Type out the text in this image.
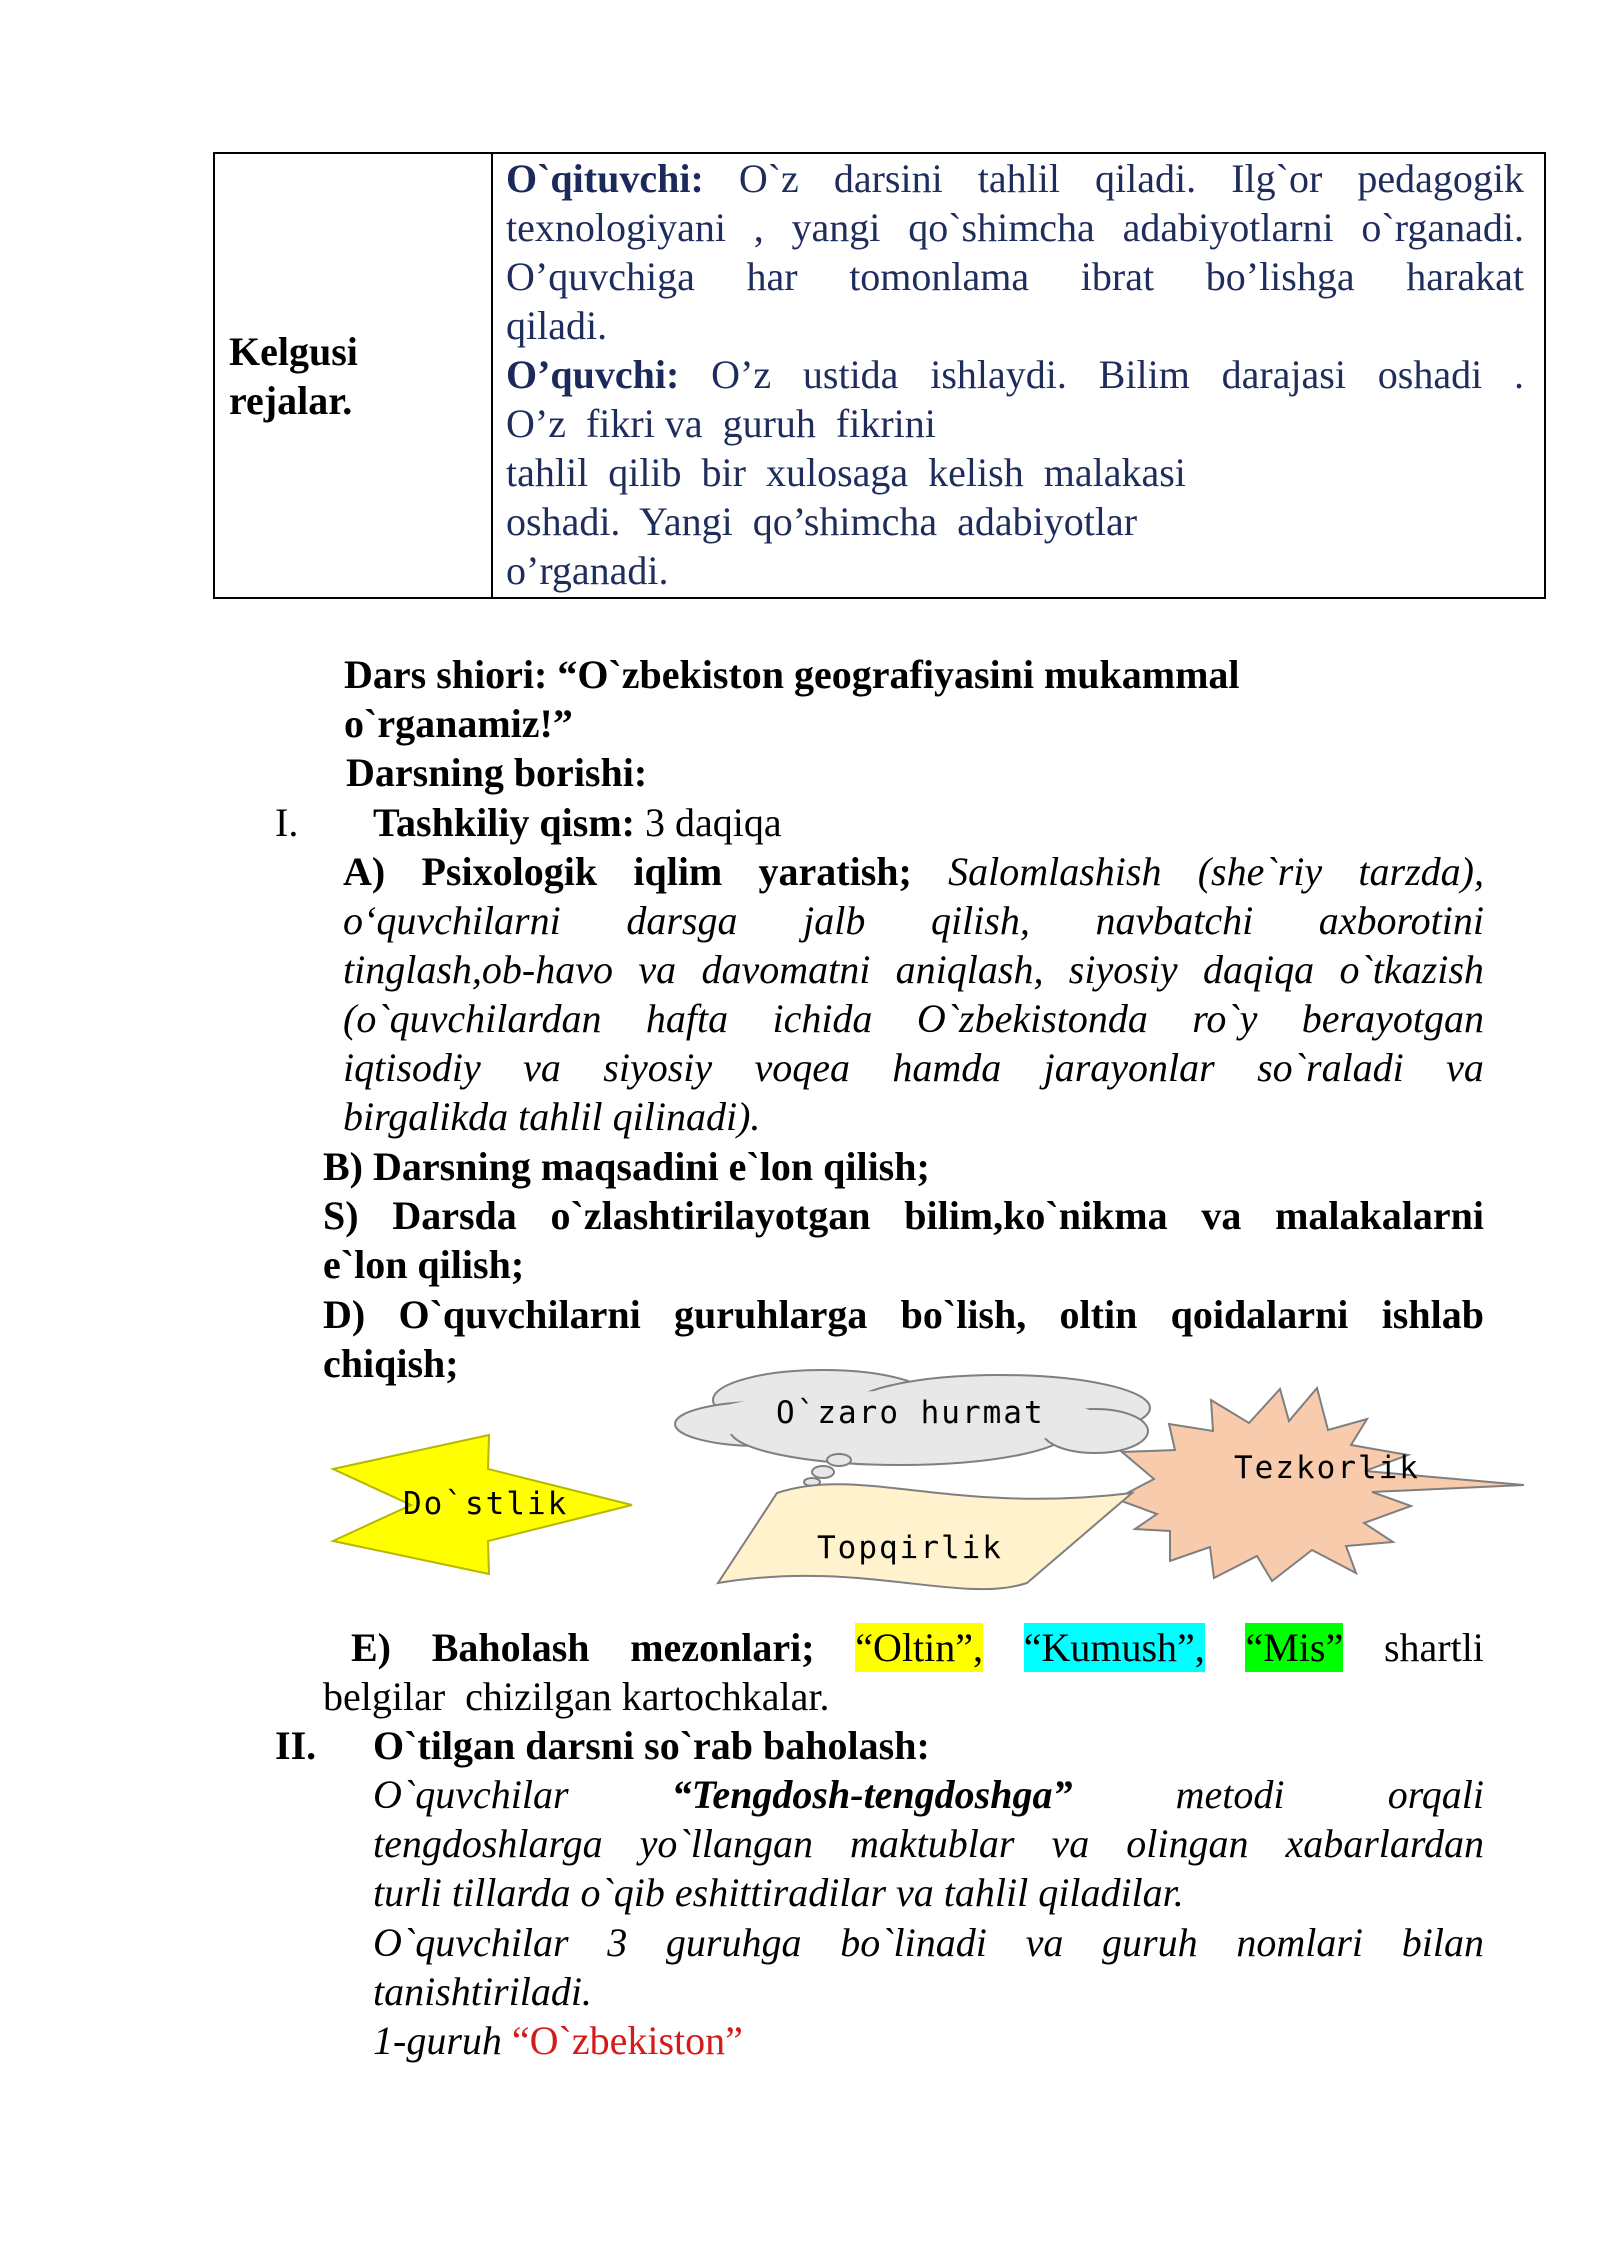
Kelgusi
rejalar.

O`qituvchi: O`z darsini tahlil qiladi. Ilg`or pedagogik
texnologiyani , yangi qo`shimcha adabiyotlarni o`rganadi.
O’quvchiga har tomonlama ibrat bo’lishga harakat
qiladi.
O’quvchi: O’z ustida ishlaydi. Bilim darajasi oshadi .
O’z  fikri va  guruh  fikrini
tahlil  qilib  bir  xulosaga  kelish  malakasi
oshadi.  Yangi  qo’shimcha  adabiyotlar
o’rganadi.
Dars shiori: “O`zbekiston geografiyasini mukammal
o`rganamiz!”
Darsning borishi:
I. Tashkiliy qism: 3 daqiqa
A) Psixologik iqlim yaratish; Salomlashish (she`riy tarzda),
o‘quvchilarni darsga jalb qilish, navbatchi axborotini
tinglash,ob-havo va davomatni aniqlash, siyosiy daqiqa o`tkazish
(o`quvchilardan hafta ichida O`zbekistonda ro`y berayotgan
iqtisodiy va siyosiy voqea hamda jarayonlar so`raladi va
birgalikda tahlil qilinadi).
B) Darsning maqsadini e`lon qilish;
S) Darsda o`zlashtirilayotgan bilim,ko`nikma va malakalarni
e`lon qilish;
D) O`quvchilarni guruhlarga bo`lish, oltin qoidalarni ishlab
chiqish;
Do`stlik
O`zaro hurmat
Tezkorlik
Topqirlik
E) Baholash mezonlari; “Oltin”, “Kumush”, “Mis” shartli
belgilar  chizilgan kartochkalar.
II. O`tilgan darsni so`rab baholash:
O`quvchilar	“Tengdosh-tengdoshga”	metodi	orqali
tengdoshlarga yo`llangan maktublar va olingan xabarlardan
turli tillarda o`qib eshittiradilar va tahlil qiladilar.
O`quvchilar 3 guruhga bo`linadi va guruh nomlari bilan
tanishtiriladi.
1-guruh “O`zbekiston”
